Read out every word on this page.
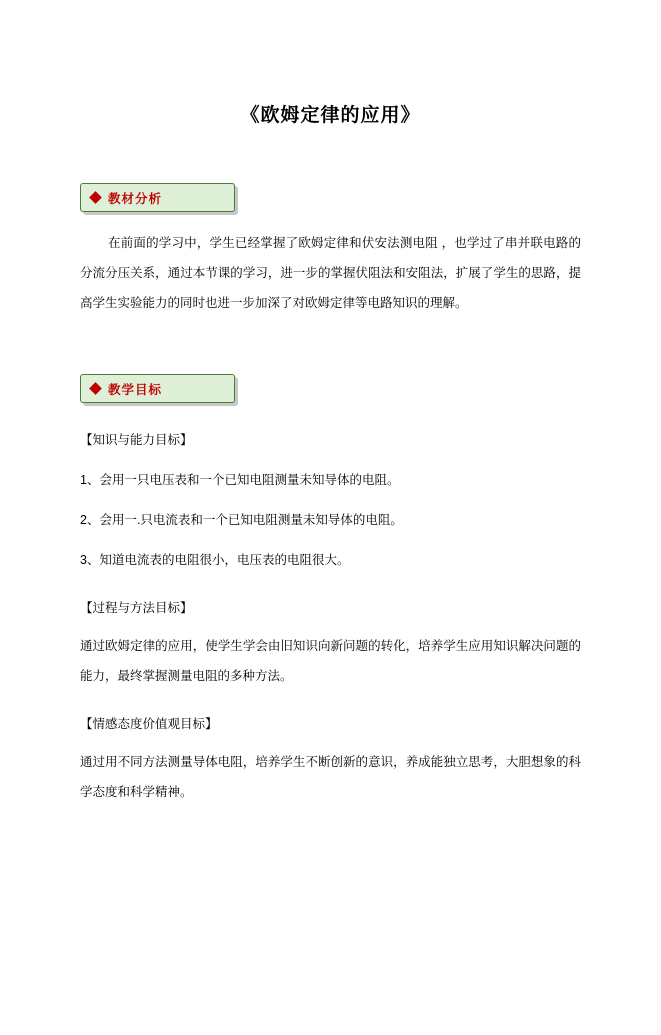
《欧姆定律的应用》
教材分析
在前面的学习中，学生已经掌握了欧姆定律和伏安法测电阻 ，也学过了串并联电路的分流分压关系，通过本节课的学习，进一步的掌握伏阻法和安阻法，扩展了学生的思路，提高学生实验能力的同时也进一步加深了对欧姆定律等电路知识的理解。
教学目标
【知识与能力目标】
1、会用一只电压表和一个已知电阻测量未知导体的电阻。
2、会用一.只电流表和一个已知电阻测量未知导体的电阻。
3、知道电流表的电阻很小，电压表的电阻很大。
【过程与方法目标】
通过欧姆定律的应用，使学生学会由旧知识向新问题的转化，培养学生应用知识解决问题的能力，最终掌握测量电阻的多种方法。
【情感态度价值观目标】
通过用不同方法测量导体电阻，培养学生不断创新的意识，养成能独立思考，大胆想象的科学态度和科学精神。
